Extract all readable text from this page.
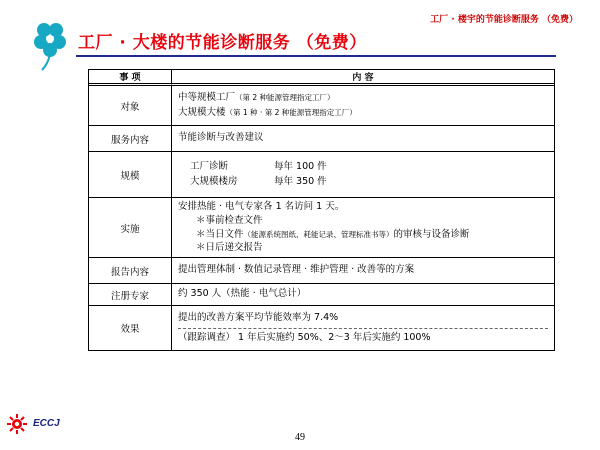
工厂 · 楼宇的节能诊断服务 （免费）
工厂 · 大楼的节能诊断服务 （免费）
事 项	内 容
对象	中等规模工厂（第 2 种能源管理指定工厂）
大规模大楼（第 1 种 · 第 2 种能源管理指定工厂）

服务内容	节能诊断与改善建议
规模	工厂诊断 每年 100 件
大规模楼房 每年 350 件

实施	安排热能 · 电气专家各 1 名访问 1 天。
＊事前检查文件
＊当日文件（能源系统图纸、耗能记录、管理标准书等）的审核与设备诊断
＊日后递交报告

报告内容	提出管理体制 · 数值记录管理 · 维护管理 · 改善等的方案
注册专家	约 350 人（热能 · 电气总计）
效果	提出的改善方案平均节能效率为 7.4%
（跟踪调查） 1 年后实施约 50%、2～3 年后实施约 100%
ECCJ
49
